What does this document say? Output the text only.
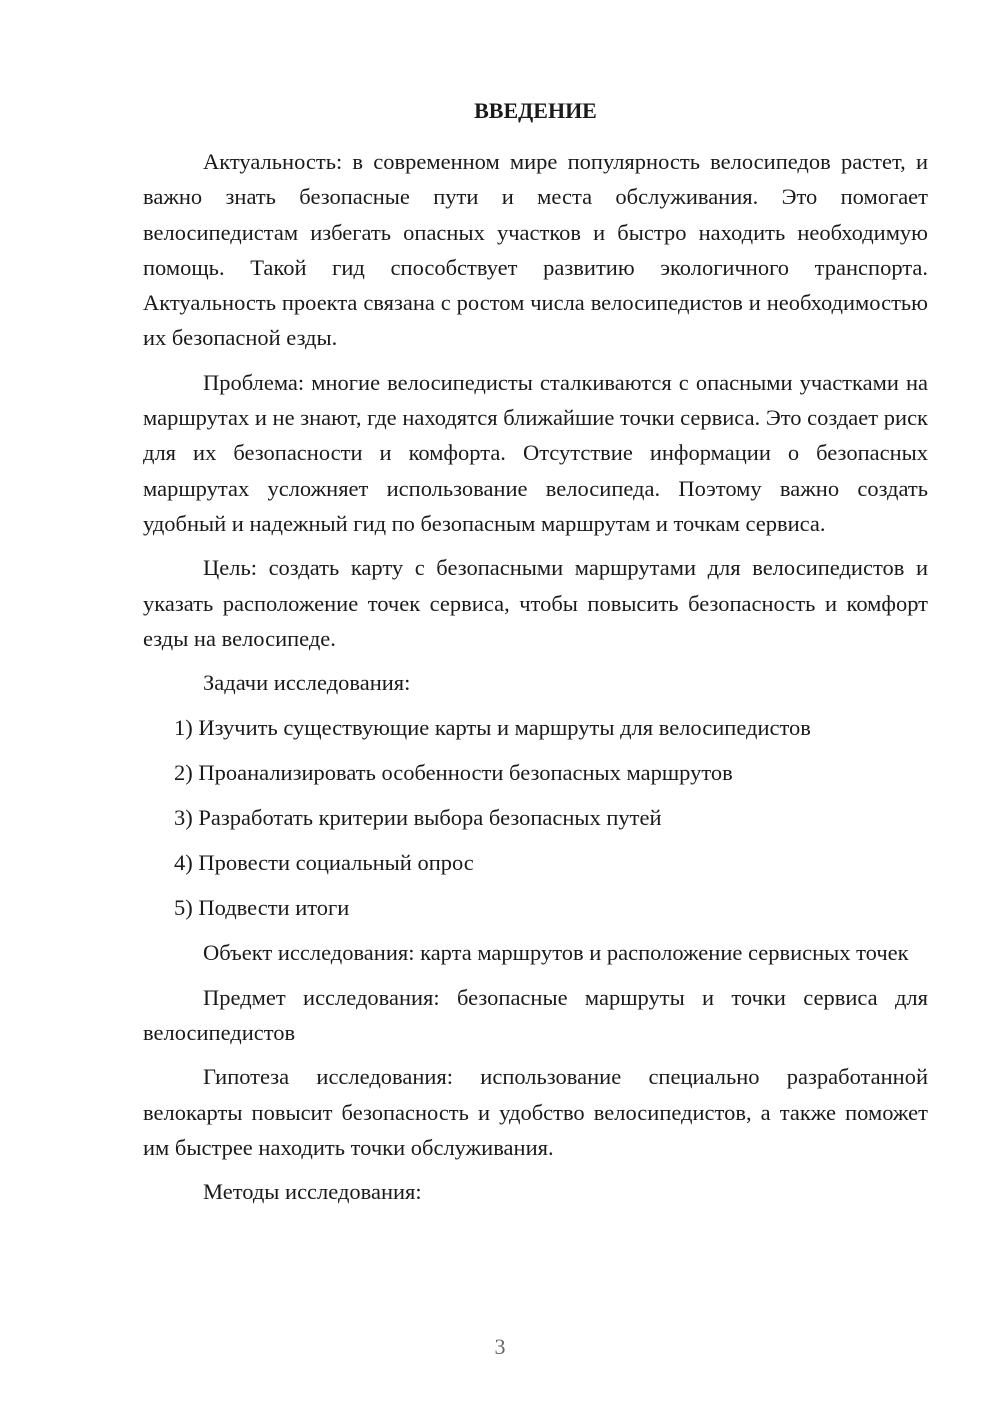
ВВЕДЕНИЕ

Актуальность: в современном мире популярность велосипедов растет, и важно знать безопасные пути и места обслуживания. Это помогает велосипедистам избегать опасных участков и быстро находить необходимую помощь. Такой гид способствует развитию экологичного транспорта. Актуальность проекта связана с ростом числа велосипедистов и необходимостью их безопасной езды.

Проблема: многие велосипедисты сталкиваются с опасными участками на маршрутах и не знают, где находятся ближайшие точки сервиса. Это создает риск для их безопасности и комфорта. Отсутствие информации о безопасных маршрутах усложняет использование велосипеда. Поэтому важно создать удобный и надежный гид по безопасным маршрутам и точкам сервиса.

Цель: создать карту с безопасными маршрутами для велосипедистов и указать расположение точек сервиса, чтобы повысить безопасность и комфорт езды на велосипеде.

Задачи исследования:

1) Изучить существующие карты и маршруты для велосипедистов
2) Проанализировать особенности безопасных маршрутов
3) Разработать критерии выбора безопасных путей
4) Провести социальный опрос
5) Подвести итоги

Объект исследования: карта маршрутов и расположение сервисных точек

Предмет исследования: безопасные маршруты и точки сервиса для велосипедистов

Гипотеза исследования: использование специально разработанной велокарты повысит безопасность и удобство велосипедистов, а также поможет им быстрее находить точки обслуживания.

Методы исследования:

3
